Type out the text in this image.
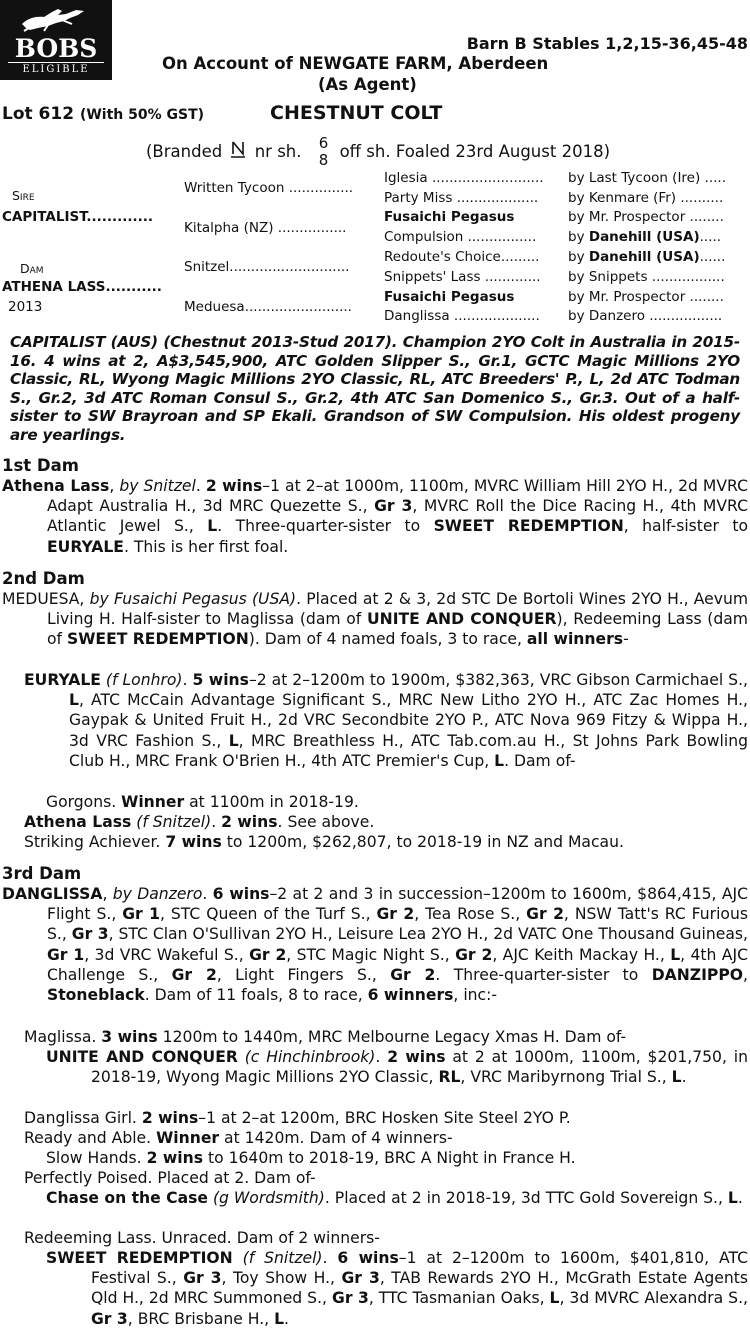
BOBS
ELIGIBLE
Barn B Stables 1,2,15-36,45-48
On Account of NEWGATE FARM, Aberdeen
(As Agent)
Lot 612 (With 50% GST)	CHESTNUT COLT
(Branded nr sh. 6
8 off sh. Foaled 23rd August 2018)
Sire
CAPITALIST.............
Dam
ATHENA LASS...........
2013
Written Tycoon ...............
Kitalpha (NZ) ................
Snitzel............................
Meduesa.........................
Iglesia ..........................
Party Miss ...................
Fusaichi Pegasus
Compulsion ................
Redoute's Choice.........
Snippets' Lass .............
Fusaichi Pegasus
Danglissa ....................
by Last Tycoon (Ire) .....
by Kenmare (Fr) ..........
by Mr. Prospector ........
by Danehill (USA).....
by Danehill (USA)......
by Snippets .................
by Mr. Prospector ........
by Danzero .................
CAPITALIST (AUS) (Chestnut 2013-Stud 2017). Champion 2YO Colt in Australia in 2015-16. 4 wins at 2, A$3,545,900, ATC Golden Slipper S., Gr.1, GCTC Magic Millions 2YO Classic, RL, Wyong Magic Millions 2YO Classic, RL, ATC Breeders' P., L, 2d ATC Todman S., Gr.2, 3d ATC Roman Consul S., Gr.2, 4th ATC San Domenico S., Gr.3. Out of a half-sister to SW Brayroan and SP Ekali. Grandson of SW Compulsion. His oldest progeny are yearlings.
1st Dam
Athena Lass, by Snitzel. 2 wins–1 at 2–at 1000m, 1100m, MVRC William Hill 2YO H., 2d MVRC Adapt Australia H., 3d MRC Quezette S., Gr 3, MVRC Roll the Dice Racing H., 4th MVRC Atlantic Jewel S., L. Three-quarter-sister to SWEET REDEMPTION, half-sister to EURYALE. This is her first foal.
2nd Dam
MEDUESA, by Fusaichi Pegasus (USA). Placed at 2 & 3, 2d STC De Bortoli Wines 2YO H., Aevum Living H. Half-sister to Maglissa (dam of UNITE AND CONQUER), Redeeming Lass (dam of SWEET REDEMPTION). Dam of 4 named foals, 3 to race, all winners-
EURYALE (f Lonhro). 5 wins–2 at 2–1200m to 1900m, $382,363, VRC Gibson Carmichael S., L, ATC McCain Advantage Significant S., MRC New Litho 2YO H., ATC Zac Homes H., Gaypak & United Fruit H., 2d VRC Secondbite 2YO P., ATC Nova 969 Fitzy & Wippa H., 3d VRC Fashion S., L, MRC Breathless H., ATC Tab.com.au H., St Johns Park Bowling Club H., MRC Frank O'Brien H., 4th ATC Premier's Cup, L. Dam of-
Gorgons. Winner at 1100m in 2018-19.
Athena Lass (f Snitzel). 2 wins. See above.
Striking Achiever. 7 wins to 1200m, $262,807, to 2018-19 in NZ and Macau.
3rd Dam
DANGLISSA, by Danzero. 6 wins–2 at 2 and 3 in succession–1200m to 1600m, $864,415, AJC Flight S., Gr 1, STC Queen of the Turf S., Gr 2, Tea Rose S., Gr 2, NSW Tatt's RC Furious S., Gr 3, STC Clan O'Sullivan 2YO H., Leisure Lea 2YO H., 2d VATC One Thousand Guineas, Gr 1, 3d VRC Wakeful S., Gr 2, STC Magic Night S., Gr 2, AJC Keith Mackay H., L, 4th AJC Challenge S., Gr 2, Light Fingers S., Gr 2. Three-quarter-sister to DANZIPPO, Stoneblack. Dam of 11 foals, 8 to race, 6 winners, inc:-
Maglissa. 3 wins 1200m to 1440m, MRC Melbourne Legacy Xmas H. Dam of-
UNITE AND CONQUER (c Hinchinbrook). 2 wins at 2 at 1000m, 1100m, $201,750, in 2018-19, Wyong Magic Millions 2YO Classic, RL, VRC Maribyrnong Trial S., L.
Danglissa Girl. 2 wins–1 at 2–at 1200m, BRC Hosken Site Steel 2YO P.
Ready and Able. Winner at 1420m. Dam of 4 winners-
Slow Hands. 2 wins to 1640m to 2018-19, BRC A Night in France H.
Perfectly Poised. Placed at 2. Dam of-
Chase on the Case (g Wordsmith). Placed at 2 in 2018-19, 3d TTC Gold Sovereign S., L.
Redeeming Lass. Unraced. Dam of 2 winners-
SWEET REDEMPTION (f Snitzel). 6 wins–1 at 2–1200m to 1600m, $401,810, ATC Festival S., Gr 3, Toy Show H., Gr 3, TAB Rewards 2YO H., McGrath Estate Agents Qld H., 2d MRC Summoned S., Gr 3, TTC Tasmanian Oaks, L, 3d MVRC Alexandra S., Gr 3, BRC Brisbane H., L.
